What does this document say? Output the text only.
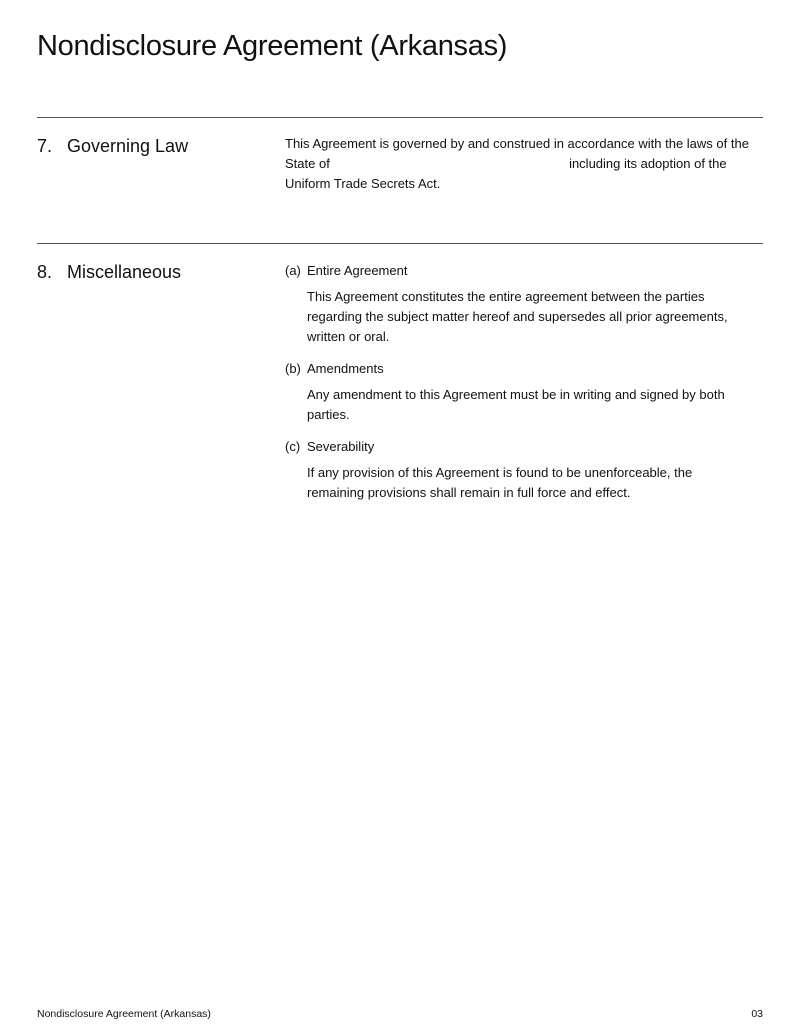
Nondisclosure Agreement (Arkansas)
7. Governing Law	This Agreement is governed by and construed in accordance with the laws of the State of	including its adoption of the Uniform Trade Secrets Act.
8. Miscellaneous	(a) Entire Agreement
This Agreement constitutes the entire agreement between the parties regarding the subject matter hereof and supersedes all prior agreements, written or oral.
(b) Amendments
Any amendment to this Agreement must be in writing and signed by both parties.
(c) Severability
If any provision of this Agreement is found to be unenforceable, the remaining provisions shall remain in full force and effect.
Nondisclosure Agreement (Arkansas)	03
